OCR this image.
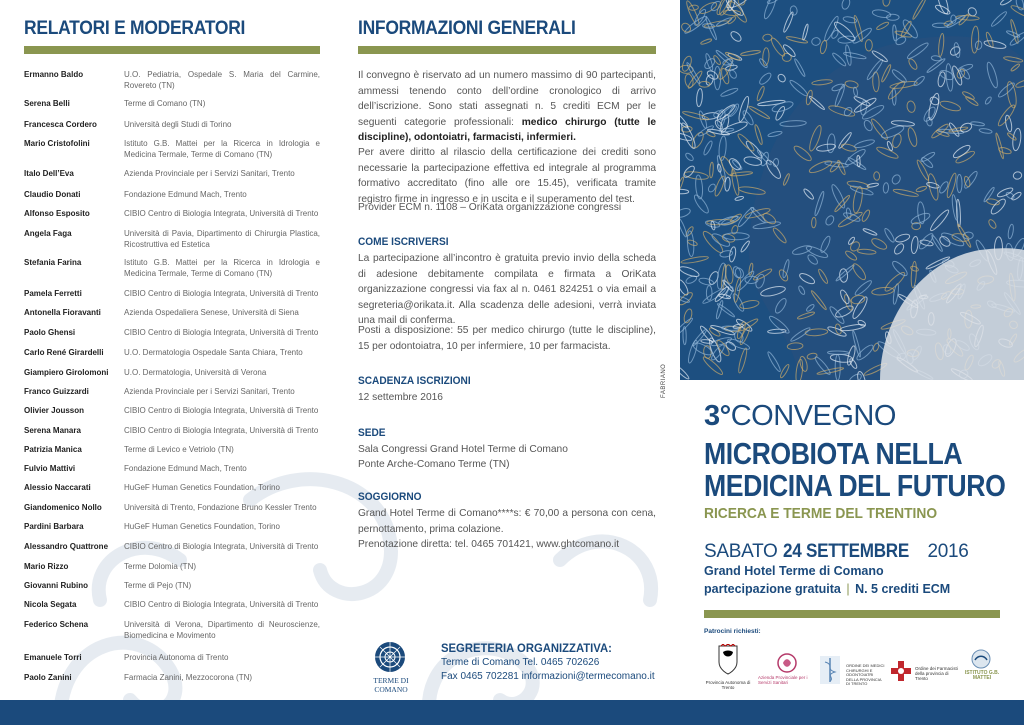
RELATORI E MODERATORI
Ermanno Baldo	U.O. Pediatria, Ospedale S. Maria del Carmine, Rovereto (TN)
Serena Belli	Terme di Comano (TN)
Francesca Cordero	Università degli Studi di Torino
Mario Cristofolini	Istituto G.B. Mattei per la Ricerca in Idrologia e Medicina Termale, Terme di Comano (TN)
Italo Dell’Eva	Azienda Provinciale per i Servizi Sanitari, Trento
Claudio Donati	Fondazione Edmund Mach, Trento
Alfonso Esposito	CIBIO Centro di Biologia Integrata, Università di Trento
Angela Faga	Università di Pavia, Dipartimento di Chirurgia Plastica, Ricostruttiva ed Estetica
Stefania Farina	Istituto G.B. Mattei per la Ricerca in Idrologia e Medicina Termale, Terme di Comano (TN)
Pamela Ferretti	CIBIO Centro di Biologia Integrata, Università di Trento
Antonella Fioravanti	Azienda Ospedaliera Senese, Università di Siena
Paolo Ghensi	CIBIO Centro di Biologia Integrata, Università di Trento
Carlo René Girardelli	U.O. Dermatologia Ospedale Santa Chiara, Trento
Giampiero Girolomoni	U.O. Dermatologia, Università di Verona
Franco Guizzardi	Azienda Provinciale per i Servizi Sanitari, Trento
Olivier Jousson	CIBIO Centro di Biologia Integrata, Università di Trento
Serena Manara	CIBIO Centro di Biologia Integrata, Università di Trento
Patrizia Manica	Terme di Levico e Vetriolo (TN)
Fulvio Mattivi	Fondazione Edmund Mach, Trento
Alessio Naccarati	HuGeF Human Genetics Foundation, Torino
Giandomenico Nollo	Università di Trento, Fondazione Bruno Kessler Trento
Pardini Barbara	HuGeF Human Genetics Foundation, Torino
Alessandro Quattrone	CIBIO Centro di Biologia Integrata, Università di Trento
Mario Rizzo	Terme Dolomia (TN)
Giovanni Rubino	Terme di Pejo (TN)
Nicola Segata	CIBIO Centro di Biologia Integrata, Università di Trento
Federico Schena	Università di Verona, Dipartimento di Neuroscienze, Biomedicina e Movimento
Emanuele Torri	Provincia Autonoma di Trento
Paolo Zanini	Farmacia Zanini, Mezzocorona (TN)
INFORMAZIONI GENERALI
Il convegno è riservato ad un numero massimo di 90 partecipanti, ammessi tenendo conto dell’ordine cronologico di arrivo dell’iscrizione. Sono stati assegnati n. 5 crediti ECM per le seguenti categorie professionali: medico chirurgo (tutte le discipline), odontoiatri, farmacisti, infermieri.
Per avere diritto al rilascio della certificazione dei crediti sono necessarie la partecipazione effettiva ed integrale al programma formativo accreditato (fino alle ore 15.45), verificata tramite registro firme in ingresso e in uscita e il superamento del test.
Provider ECM n. 1108 – OriKata organizzazione congressi
COME ISCRIVERSI
La partecipazione all’incontro è gratuita previo invio della scheda di adesione debitamente compilata e firmata a OriKata organizzazione congressi via fax al n. 0461 824251 o via email a segreteria@orikata.it. Alla scadenza delle adesioni, verrà inviata una mail di conferma.
Posti a disposizione: 55 per medico chirurgo (tutte le discipline), 15 per odontoiatra, 10 per infermiere, 10 per farmacista.
SCADENZA ISCRIZIONI
12 settembre 2016
SEDE
Sala Congressi Grand Hotel Terme di Comano
Ponte Arche-Comano Terme (TN)
SOGGIORNO
Grand Hotel Terme di Comano****s: € 70,00 a persona con cena, pernottamento, prima colazione.
Prenotazione diretta: tel. 0465 701421, www.ghtcomano.it
FABRIANO
TERME DI COMANO
SEGRETERIA ORGANIZZATIVA:
Terme di Comano Tel. 0465 702626
Fax 0465 702281 informazioni@termecomano.it
3°CONVEGNO
MICROBIOTA NELLA
MEDICINA DEL FUTURO
RICERCA E TERME DEL TRENTINO
SABATO 24 SETTEMBRE 2016
Grand Hotel Terme di Comano
partecipazione gratuita | N. 5 crediti ECM
Patrocini richiesti:
Provincia Autonoma di Trento
Azienda Provinciale per i Servizi Sanitari
ORDINE DEI MEDICI CHIRURGHI E ODONTOIATRI DELLA PROVINCIA DI TRENTO
Ordine dei Farmacisti della provincia di Trento
ISTITUTO G.B. MATTEI
